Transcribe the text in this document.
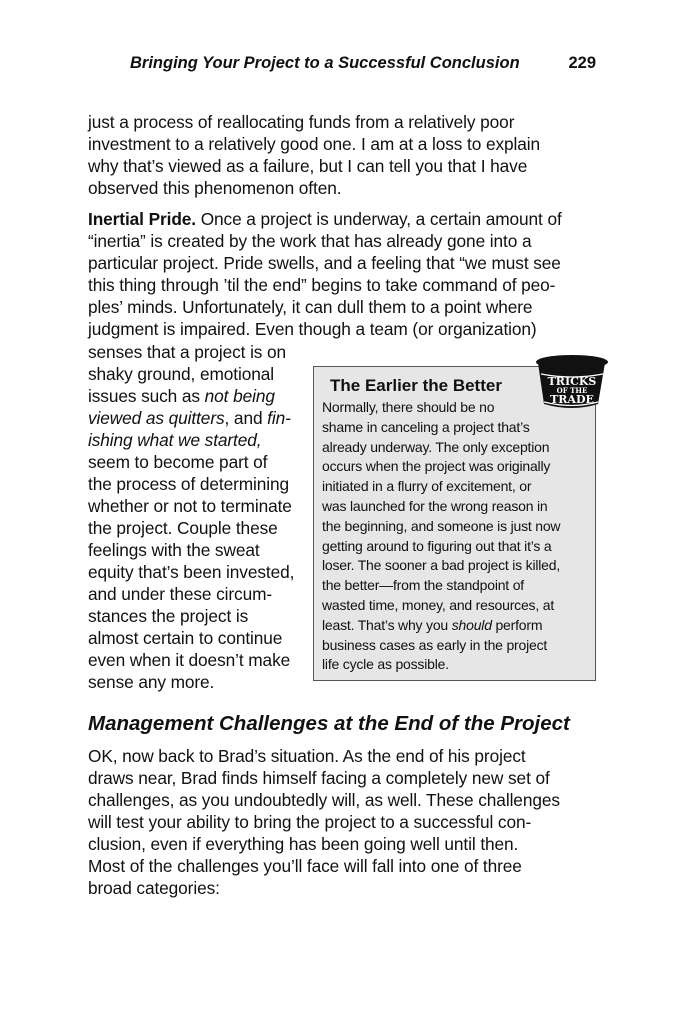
Bringing Your Project to a Successful Conclusion	229
just a process of reallocating funds from a relatively poor
investment to a relatively good one. I am at a loss to explain
why that’s viewed as a failure, but I can tell you that I have
observed this phenomenon often.
Inertial Pride. Once a project is underway, a certain amount of
“inertia” is created by the work that has already gone into a
particular project. Pride swells, and a feeling that “we must see
this thing through ’til the end” begins to take command of peo-
ples’ minds. Unfortunately, it can dull them to a point where
judgment is impaired. Even though a team (or organization)
senses that a project is on
shaky ground, emotional
issues such as not being
viewed as quitters, and fin-
ishing what we started,
seem to become part of
the process of determining
whether or not to terminate
the project. Couple these
feelings with the sweat
equity that’s been invested,
and under these circum-
stances the project is
almost certain to continue
even when it doesn’t make
sense any more.
The Earlier the Better
Normally, there should be no
shame in canceling a project that’s
already underway. The only exception
occurs when the project was originally
initiated in a flurry of excitement, or
was launched for the wrong reason in
the beginning, and someone is just now
getting around to figuring out that it’s a
loser. The sooner a bad project is killed,
the better—from the standpoint of
wasted time, money, and resources, at
least. That’s why you should perform
business cases as early in the project
life cycle as possible.
TRICKS
OF THE
TRADE
Management Challenges at the End of the Project
OK, now back to Brad’s situation. As the end of his project
draws near, Brad finds himself facing a completely new set of
challenges, as you undoubtedly will, as well. These challenges
will test your ability to bring the project to a successful con-
clusion, even if everything has been going well until then.
Most of the challenges you’ll face will fall into one of three
broad categories:
